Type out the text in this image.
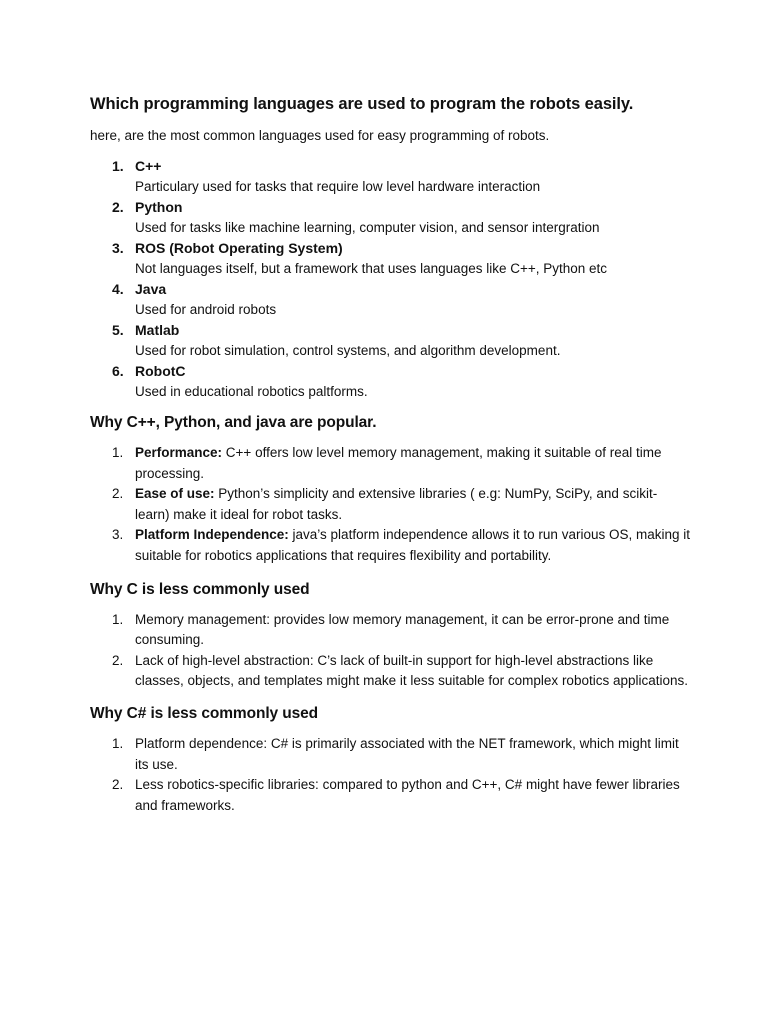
Which programming languages are used to program the robots easily.

here, are the most common languages used for easy programming of robots.

1. C++
Particulary used for tasks that require low level hardware interaction
2. Python
Used for tasks like machine learning, computer vision, and sensor intergration
3. ROS (Robot Operating System)
Not languages itself, but a framework that uses languages like C++, Python etc
4. Java
Used for android robots
5. Matlab
Used for robot simulation, control systems, and algorithm development.
6. RobotC
Used in educational robotics paltforms.
Why C++, Python, and java are popular.
1. Performance: C++ offers low level memory management, making it suitable of real time processing.
2. Ease of use: Python’s simplicity and extensive libraries ( e.g: NumPy, SciPy, and scikit-learn) make it ideal for robot tasks.
3. Platform Independence: java’s platform independence allows it to run various OS, making it suitable for robotics applications that requires flexibility and portability.
Why C is less commonly used
1. Memory management: provides low memory management, it can be error-prone and time consuming.
2. Lack of high-level abstraction: C’s lack of built-in support for high-level abstractions like classes, objects, and templates might make it less suitable for complex robotics applications.
Why C# is less commonly used
1. Platform dependence: C# is primarily associated with the NET framework, which might limit its use.
2. Less robotics-specific libraries: compared to python and C++, C# might have fewer libraries and frameworks.
